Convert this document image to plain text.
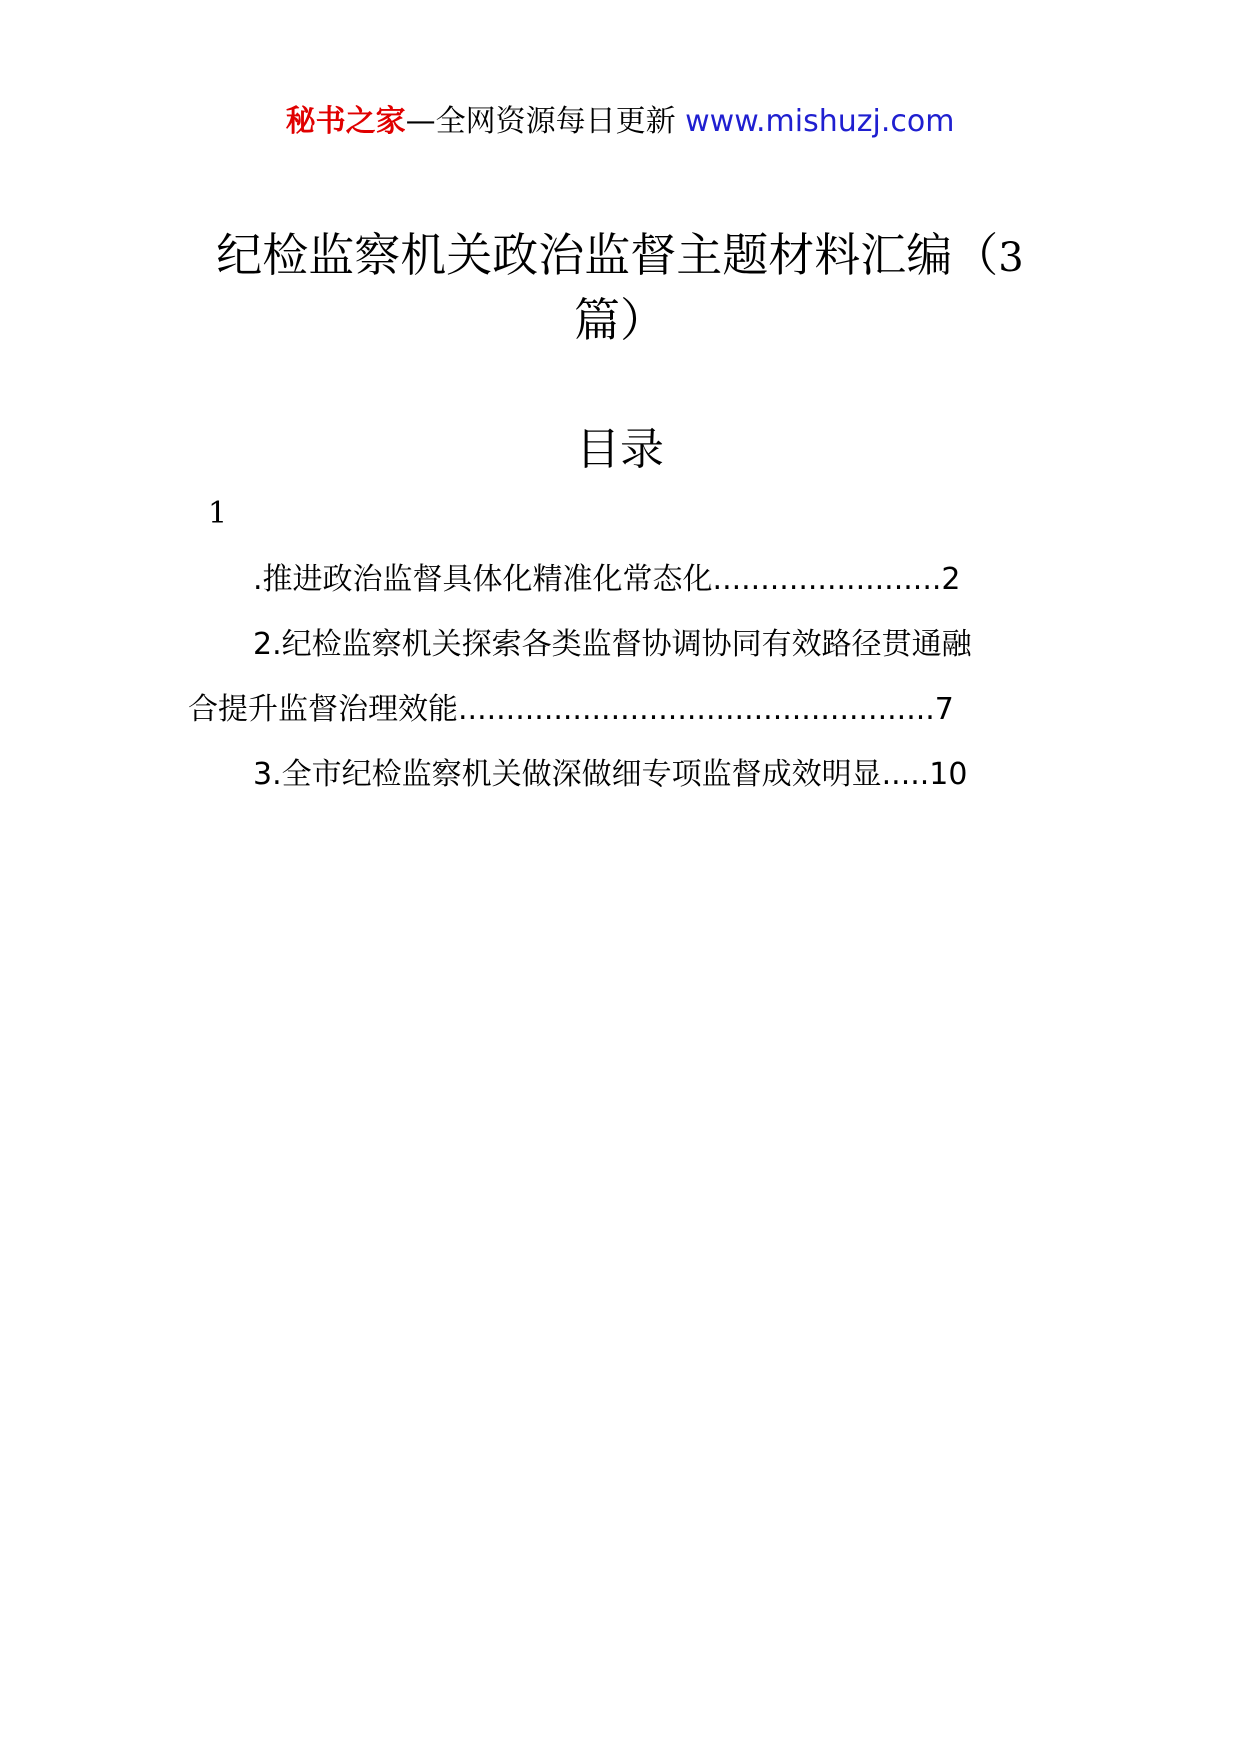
秘书之家—全网资源每日更新 www.mishuzj.com
纪检监察机关政治监督主题材料汇编（3
篇）
目录
1
.推进政治监督具体化精准化常态化........................2
2.纪检监察机关探索各类监督协调协同有效路径贯通融
合提升监督治理效能..................................................7
3.全市纪检监察机关做深做细专项监督成效明显.....10
